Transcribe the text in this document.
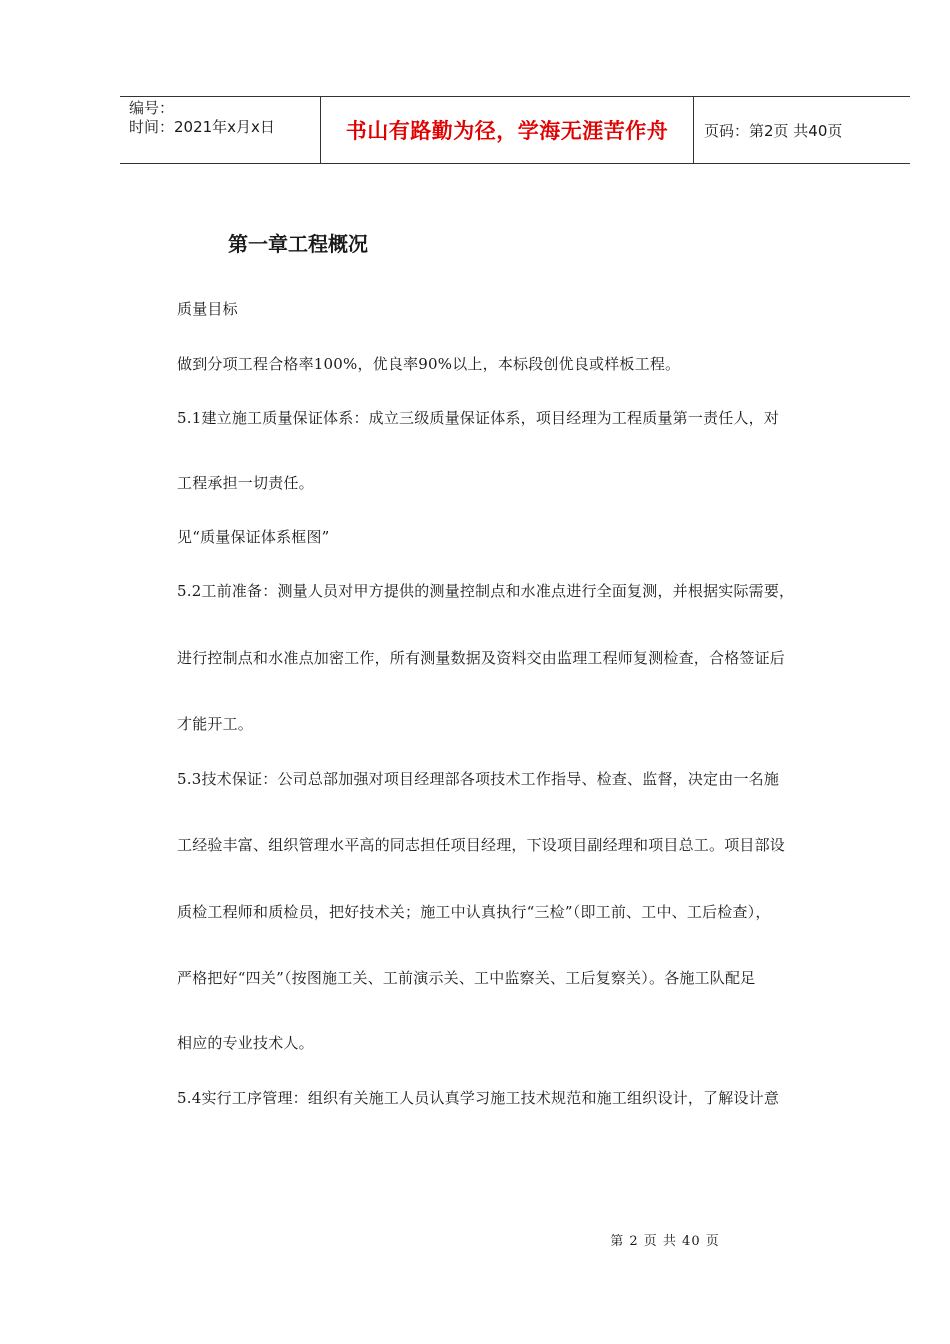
编号：
时间：2021年x月x日	书山有路勤为径，学海无涯苦作舟	页码：第2页 共40页
第一章工程概况
质量目标
做到分项工程合格率100%，优良率90%以上，本标段创优良或样板工程。
5.1建立施工质量保证体系：成立三级质量保证体系，项目经理为工程质量第一责任人，对
工程承担一切责任。
见“质量保证体系框图”
5.2工前准备：测量人员对甲方提供的测量控制点和水准点进行全面复测，并根据实际需要，
进行控制点和水准点加密工作，所有测量数据及资料交由监理工程师复测检查，合格签证后
才能开工。
5.3技术保证：公司总部加强对项目经理部各项技术工作指导、检查、监督，决定由一名施
工经验丰富、组织管理水平高的同志担任项目经理，下设项目副经理和项目总工。项目部设
质检工程师和质检员，把好技术关；施工中认真执行“三检”（即工前、工中、工后检查），
严格把好“四关”（按图施工关、工前演示关、工中监察关、工后复察关）。各施工队配足
相应的专业技术人。
5.4实行工序管理：组织有关施工人员认真学习施工技术规范和施工组织设计，了解设计意
第 2 页 共 40 页
